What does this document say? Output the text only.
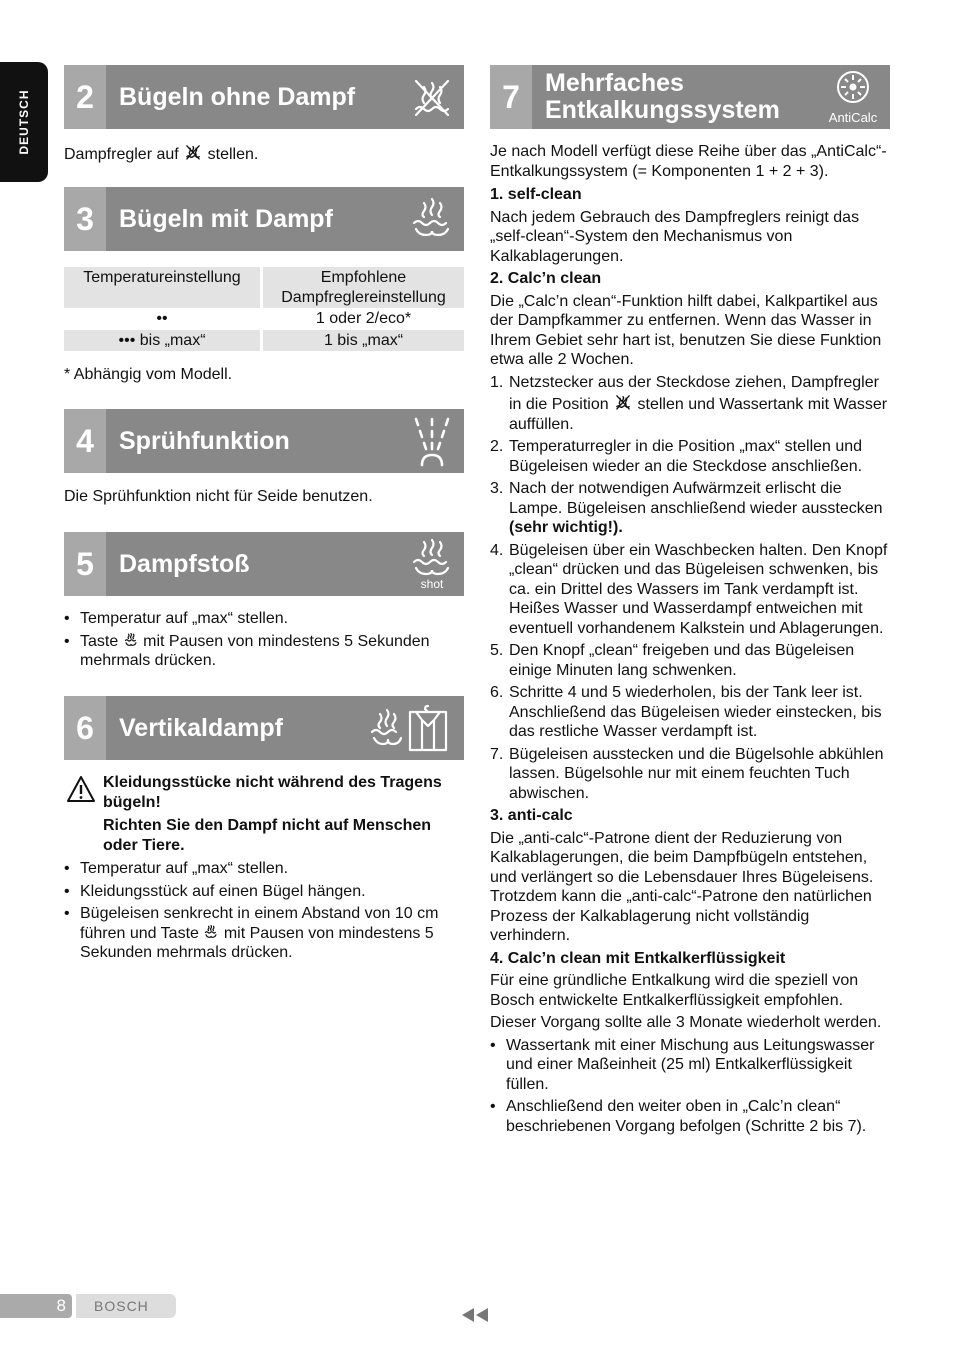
DEUTSCH	2	Bügeln ohne Dampf
Dampfregler auf stellen.
3	Bügeln mit Dampf
Temperatureinstellung	Empfohlene Dampfreglereinstellung
••	1 oder 2/eco*
••• bis „max“	1 bis „max“
* Abhängig vom Modell.
4	Sprühfunktion
Die Sprühfunktion nicht für Seide benutzen.
5	Dampfstoß
shot
• Temperatur auf „max“ stellen.
• Taste mit Pausen von mindestens 5 Sekunden mehrmals drücken.
6	Vertikaldampf

Kleidungsstücke nicht während des Tragens bügeln!

Richten Sie den Dampf nicht auf Menschen oder Tiere.

• Temperatur auf „max“ stellen.
• Kleidungsstück auf einen Bügel hängen.
• Bügeleisen senkrecht in einem Abstand von 10 cm führen und Taste mit Pausen von mindestens 5 Sekunden mehrmals drücken.
7	Mehrfaches
Entkalkungssystem	AntiCalc

Je nach Modell verfügt diese Reihe über das „AntiCalc“-Entkalkungssystem (= Komponenten 1 + 2 + 3).

1. self-clean

Nach jedem Gebrauch des Dampfreglers reinigt das „self-clean“-System den Mechanismus von Kalkablagerungen.

2. Calc’n clean

Die „Calc’n clean“-Funktion hilft dabei, Kalkpartikel aus der Dampfkammer zu entfernen. Wenn das Wasser in Ihrem Gebiet sehr hart ist, benutzen Sie diese Funktion etwa alle 2 Wochen.

1. Netzstecker aus der Steckdose ziehen, Dampfregler in die Position stellen und Wassertank mit Wasser auffüllen.
2. Temperaturregler in die Position „max“ stellen und Bügeleisen wieder an die Steckdose anschließen.
3. Nach der notwendigen Aufwärmzeit erlischt die Lampe. Bügeleisen anschließend wieder ausstecken (sehr wichtig!).
4. Bügeleisen über ein Waschbecken halten. Den Knopf „clean“ drücken und das Bügeleisen schwenken, bis ca. ein Drittel des Wassers im Tank verdampft ist. Heißes Wasser und Wasserdampf entweichen mit eventuell vorhandenem Kalkstein und Ablagerungen.
5. Den Knopf „clean“ freigeben und das Bügeleisen einige Minuten lang schwenken.
6. Schritte 4 und 5 wiederholen, bis der Tank leer ist. Anschließend das Bügeleisen wieder einstecken, bis das restliche Wasser verdampft ist.
7. Bügeleisen ausstecken und die Bügelsohle abkühlen lassen. Bügelsohle nur mit einem feuchten Tuch abwischen.

3. anti-calc

Die „anti-calc“-Patrone dient der Reduzierung von Kalkablagerungen, die beim Dampfbügeln entstehen, und verlängert so die Lebensdauer Ihres Bügeleisens. Trotzdem kann die „anti-calc“-Patrone den natürlichen Prozess der Kalkablagerung nicht vollständig verhindern.

4. Calc’n clean mit Entkalkerflüssigkeit

Für eine gründliche Entkalkung wird die speziell von Bosch entwickelte Entkalkerflüssigkeit empfohlen.

Dieser Vorgang sollte alle 3 Monate wiederholt werden.

• Wassertank mit einer Mischung aus Leitungswasser und einer Maßeinheit (25 ml) Entkalkerflüssigkeit füllen.
• Anschließend den weiter oben in „Calc’n clean“ beschriebenen Vorgang befolgen (Schritte 2 bis 7).
8	BOSCH
